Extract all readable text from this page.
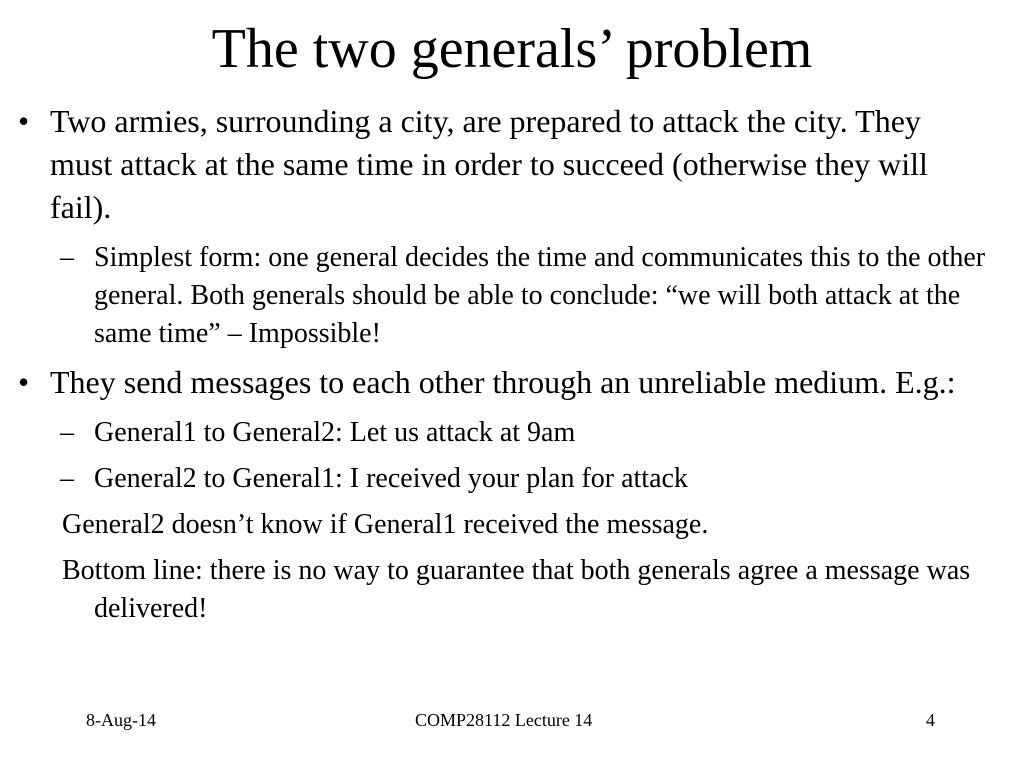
The two generals’ problem
• Two armies, surrounding a city, are prepared to attack the city. They must attack at the same time in order to succeed (otherwise they will fail).
– Simplest form: one general decides the time and communicates this to the other general. Both generals should be able to conclude: “we will both attack at the same time” – Impossible!
• They send messages to each other through an unreliable medium. E.g.:
– General1 to General2: Let us attack at 9am
– General2 to General1: I received your plan for attack
General2 doesn’t know if General1 received the message.
Bottom line: there is no way to guarantee that both generals agree a message was delivered!
8-Aug-14	COMP28112 Lecture 14	4
